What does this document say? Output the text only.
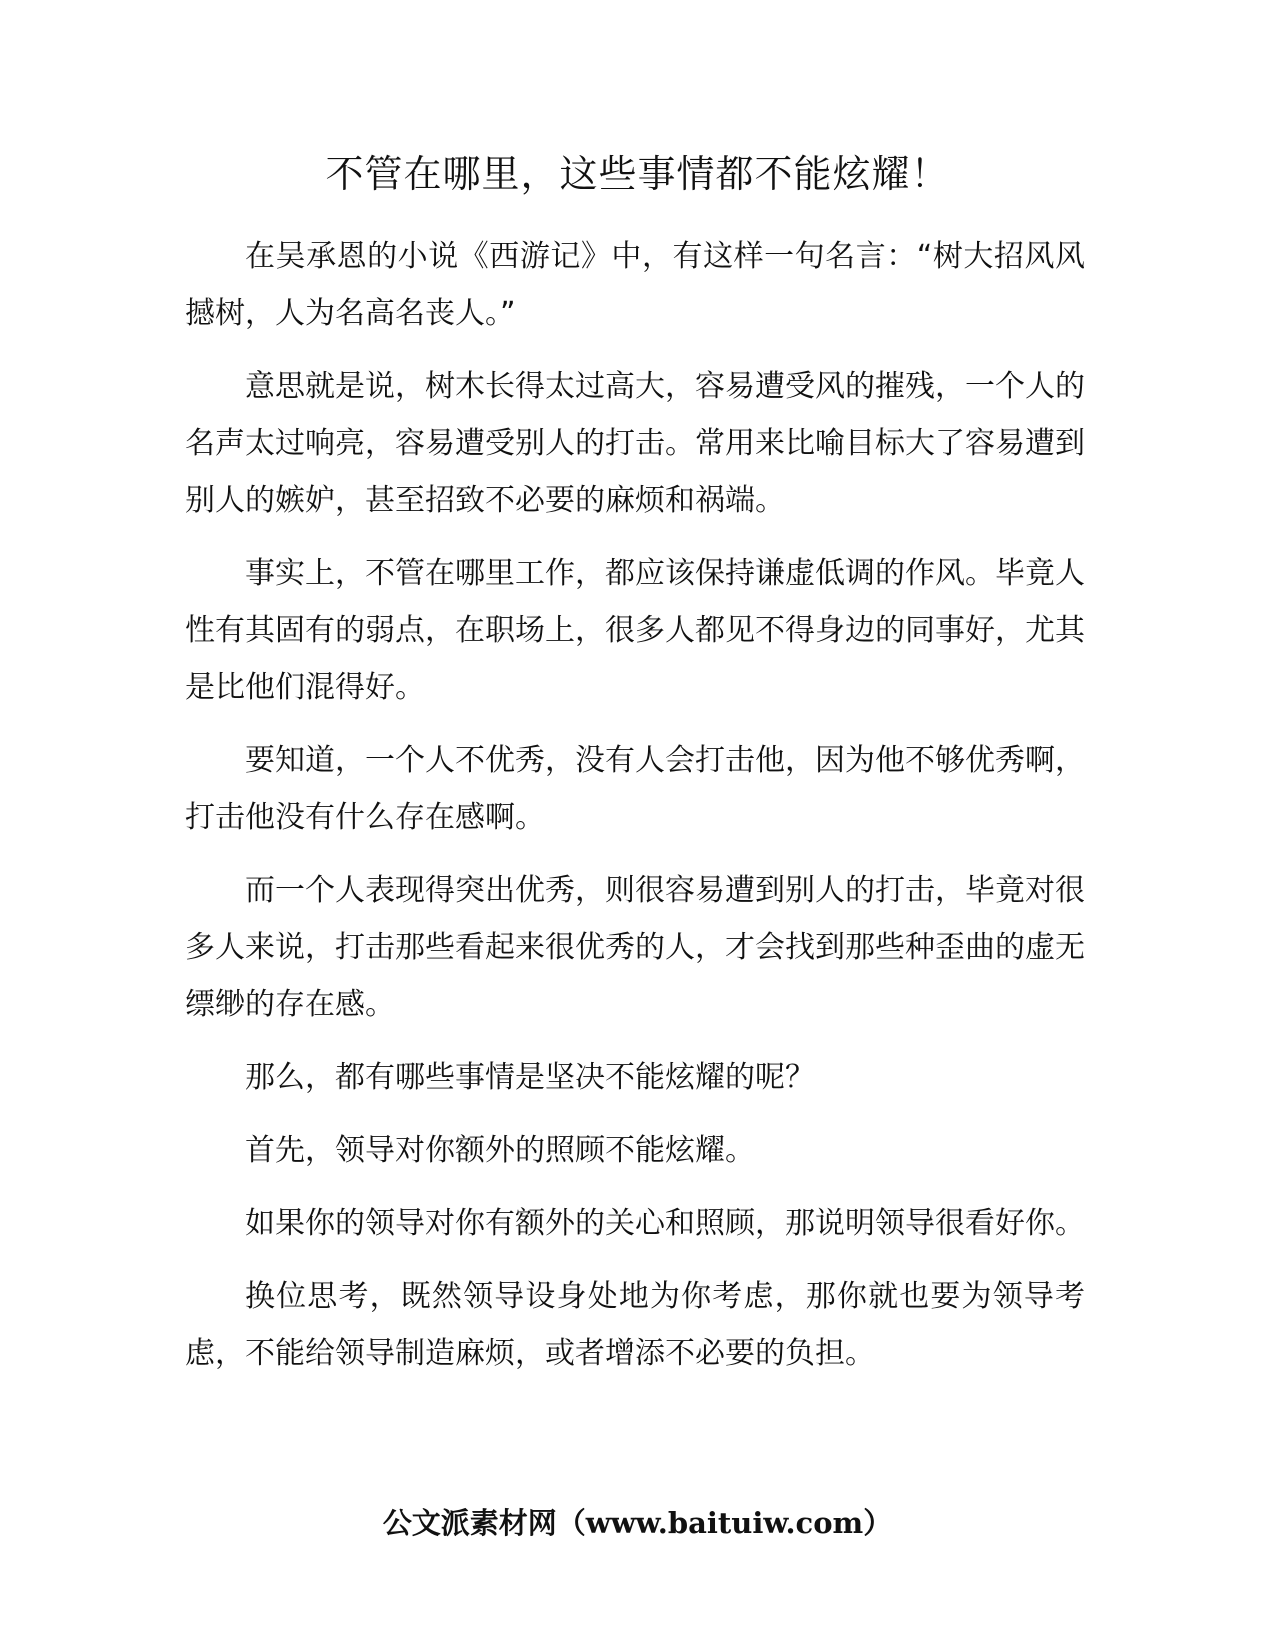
不管在哪里，这些事情都不能炫耀！

在吴承恩的小说《西游记》中，有这样一句名言：“树大招风风撼树，人为名高名丧人。”

意思就是说，树木长得太过高大，容易遭受风的摧残，一个人的名声太过响亮，容易遭受别人的打击。常用来比喻目标大了容易遭到别人的嫉妒，甚至招致不必要的麻烦和祸端。

事实上，不管在哪里工作，都应该保持谦虚低调的作风。毕竟人性有其固有的弱点，在职场上，很多人都见不得身边的同事好，尤其是比他们混得好。

要知道，一个人不优秀，没有人会打击他，因为他不够优秀啊，打击他没有什么存在感啊。

而一个人表现得突出优秀，则很容易遭到别人的打击，毕竟对很多人来说，打击那些看起来很优秀的人，才会找到那些种歪曲的虚无缥缈的存在感。

那么，都有哪些事情是坚决不能炫耀的呢？

首先，领导对你额外的照顾不能炫耀。

如果你的领导对你有额外的关心和照顾，那说明领导很看好你。

换位思考，既然领导设身处地为你考虑，那你就也要为领导考虑，不能给领导制造麻烦，或者增添不必要的负担。

公文派素材网（www.baituiw.com）
